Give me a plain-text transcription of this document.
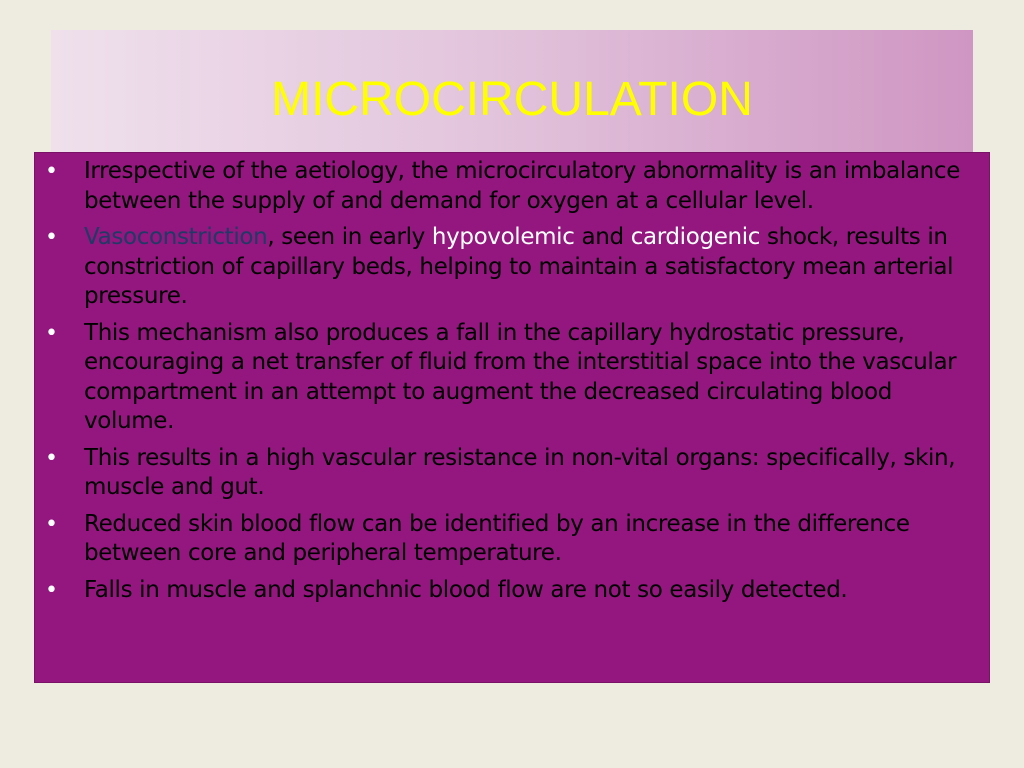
MICROCIRCULATION
• Irrespective of the aetiology, the microcirculatory abnormality is an imbalance between the supply of and demand for oxygen at a cellular level.
• Vasoconstriction, seen in early hypovolemic and cardiogenic shock, results in constriction of capillary beds, helping to maintain a satisfactory mean arterial pressure.
• This mechanism also produces a fall in the capillary hydrostatic pressure, encouraging a net transfer of fluid from the interstitial space into the vascular compartment in an attempt to augment the decreased circulating blood volume.
• This results in a high vascular resistance in non-vital organs: specifically, skin, muscle and gut.
• Reduced skin blood flow can be identified by an increase in the difference between core and peripheral temperature.
• Falls in muscle and splanchnic blood flow are not so easily detected.
